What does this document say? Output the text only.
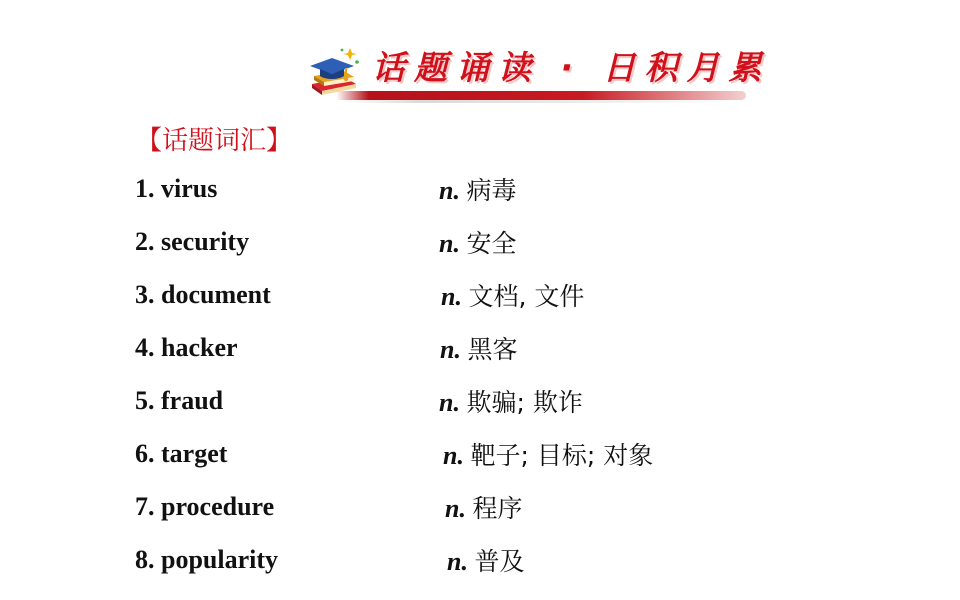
话题诵读 · 日积月累
【话题词汇】
1. virus	n. 病毒
2. security	n. 安全
3. document	n. 文档, 文件
4. hacker	n. 黑客
5. fraud	n. 欺骗; 欺诈
6. target	n. 靶子; 目标; 对象
7. procedure	n. 程序
8. popularity	n. 普及
